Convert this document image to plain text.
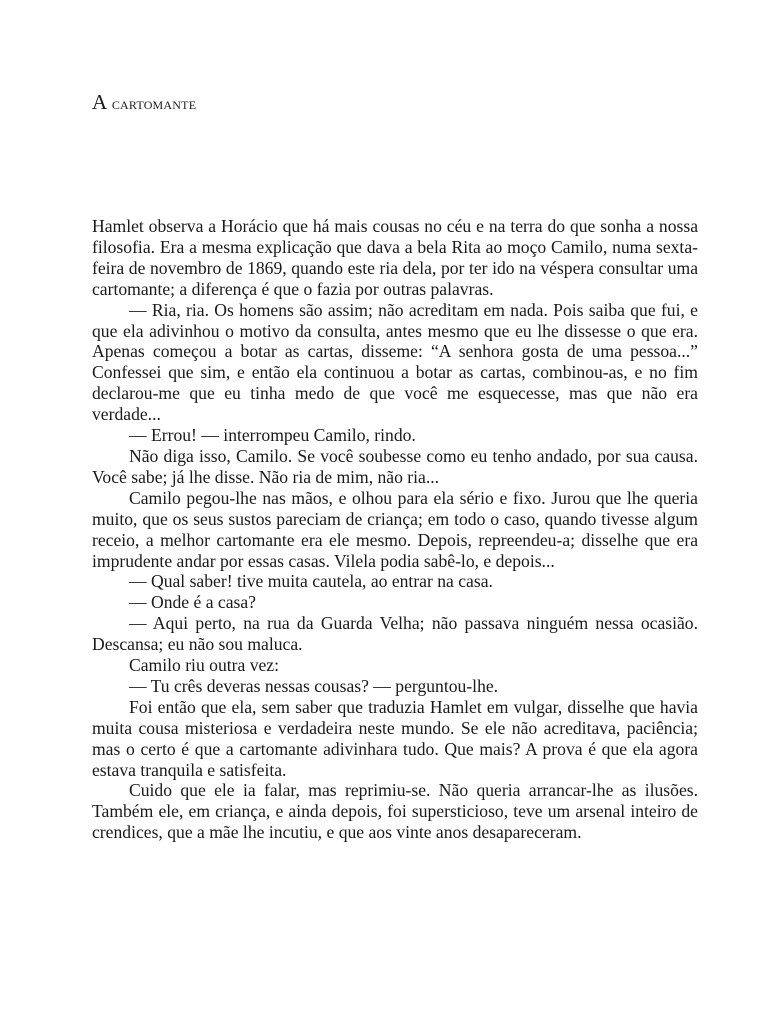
A cartomante

Hamlet observa a Horácio que há mais cousas no céu e na terra do que sonha a nossa filosofia. Era a mesma explicação que dava a bela Rita ao moço Camilo, numa sexta-feira de novembro de 1869, quando este ria dela, por ter ido na véspera consultar uma cartomante; a diferença é que o fazia por outras palavras.

— Ria, ria. Os homens são assim; não acreditam em nada. Pois saiba que fui, e que ela adivinhou o motivo da consulta, antes mesmo que eu lhe dissesse o que era. Apenas começou a botar as cartas, disseme: “A senhora gosta de uma pessoa...” Confessei que sim, e então ela continuou a botar as cartas, combinou-as, e no fim declarou-me que eu tinha medo de que você me esquecesse, mas que não era verdade...

— Errou! — interrompeu Camilo, rindo.

Não diga isso, Camilo. Se você soubesse como eu tenho andado, por sua causa. Você sabe; já lhe disse. Não ria de mim, não ria...

Camilo pegou-lhe nas mãos, e olhou para ela sério e fixo. Jurou que lhe queria muito, que os seus sustos pareciam de criança; em todo o caso, quando tivesse algum receio, a melhor cartomante era ele mesmo. Depois, repreendeu-a; disselhe que era imprudente andar por essas casas. Vilela podia sabê-lo, e depois...

— Qual saber! tive muita cautela, ao entrar na casa.

— Onde é a casa?

— Aqui perto, na rua da Guarda Velha; não passava ninguém nessa ocasião. Descansa; eu não sou maluca.

Camilo riu outra vez:

— Tu crês deveras nessas cousas? — perguntou-lhe.

Foi então que ela, sem saber que traduzia Hamlet em vulgar, disselhe que havia muita cousa misteriosa e verdadeira neste mundo. Se ele não acreditava, paciência; mas o certo é que a cartomante adivinhara tudo. Que mais? A prova é que ela agora estava tranquila e satisfeita.

Cuido que ele ia falar, mas reprimiu-se. Não queria arrancar-lhe as ilusões. Também ele, em criança, e ainda depois, foi supersticioso, teve um arsenal inteiro de crendices, que a mãe lhe incutiu, e que aos vinte anos desapareceram.
